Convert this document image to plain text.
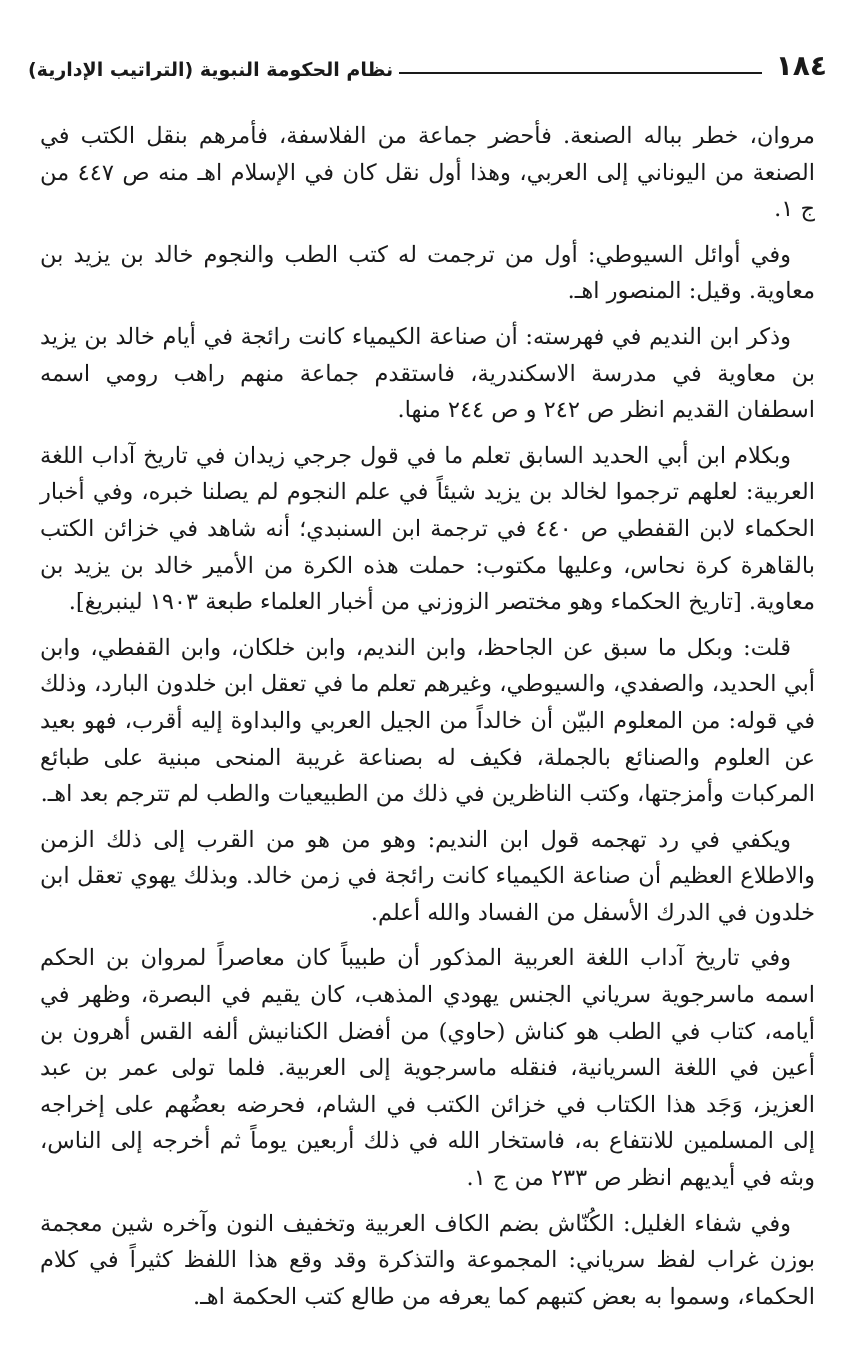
١٨٤
نظام الحكومة النبوية (التراتيب الإدارية)

مروان، خطر بباله الصنعة. فأحضر جماعة من الفلاسفة، فأمرهم بنقل الكتب في الصنعة من اليوناني إلى العربي، وهذا أول نقل كان في الإسلام اهـ منه ص ٤٤٧ من ج ١.

وفي أوائل السيوطي: أول من ترجمت له كتب الطب والنجوم خالد بن يزيد بن معاوية. وقيل: المنصور اهـ.

وذكر ابن النديم في فهرسته: أن صناعة الكيمياء كانت رائجة في أيام خالد بن يزيد بن معاوية في مدرسة الاسكندرية، فاستقدم جماعة منهم راهب رومي اسمه اسطفان القديم انظر ص ٢٤٢ و ص ٢٤٤ منها.

وبكلام ابن أبي الحديد السابق تعلم ما في قول جرجي زيدان في تاريخ آداب اللغة العربية: لعلهم ترجموا لخالد بن يزيد شيئاً في علم النجوم لم يصلنا خبره، وفي أخبار الحكماء لابن القفطي ص ٤٤٠ في ترجمة ابن السنبدي؛ أنه شاهد في خزائن الكتب بالقاهرة كرة نحاس، وعليها مكتوب: حملت هذه الكرة من الأمير خالد بن يزيد بن معاوية. [تاريخ الحكماء وهو مختصر الزوزني من أخبار العلماء طبعة ١٩٠٣ لينبريغ].

قلت: وبكل ما سبق عن الجاحظ، وابن النديم، وابن خلكان، وابن القفطي، وابن أبي الحديد، والصفدي، والسيوطي، وغيرهم تعلم ما في تعقل ابن خلدون البارد، وذلك في قوله: من المعلوم البيّن أن خالداً من الجيل العربي والبداوة إليه أقرب، فهو بعيد عن العلوم والصنائع بالجملة، فكيف له بصناعة غريبة المنحى مبنية على طبائع المركبات وأمزجتها، وكتب الناظرين في ذلك من الطبيعيات والطب لم تترجم بعد اهـ.

ويكفي في رد تهجمه قول ابن النديم: وهو من هو من القرب إلى ذلك الزمن والاطلاع العظيم أن صناعة الكيمياء كانت رائجة في زمن خالد. وبذلك يهوي تعقل ابن خلدون في الدرك الأسفل من الفساد والله أعلم.

وفي تاريخ آداب اللغة العربية المذكور أن طبيباً كان معاصراً لمروان بن الحكم اسمه ماسرجوية سرياني الجنس يهودي المذهب، كان يقيم في البصرة، وظهر في أيامه، كتاب في الطب هو كناش (حاوي) من أفضل الكنانيش ألفه القس أهرون بن أعين في اللغة السريانية، فنقله ماسرجوية إلى العربية. فلما تولى عمر بن عبد العزيز، وَجَد هذا الكتاب في خزائن الكتب في الشام، فحرضه بعضُهم على إخراجه إلى المسلمين للانتفاع به، فاستخار الله في ذلك أربعين يوماً ثم أخرجه إلى الناس، وبثه في أيديهم انظر ص ٢٣٣ من ج ١.

وفي شفاء الغليل: الكُنّاش بضم الكاف العربية وتخفيف النون وآخره شين معجمة بوزن غراب لفظ سرياني: المجموعة والتذكرة وقد وقع هذا اللفظ كثيراً في كلام الحكماء، وسموا به بعض كتبهم كما يعرفه من طالع كتب الحكمة اهـ.
